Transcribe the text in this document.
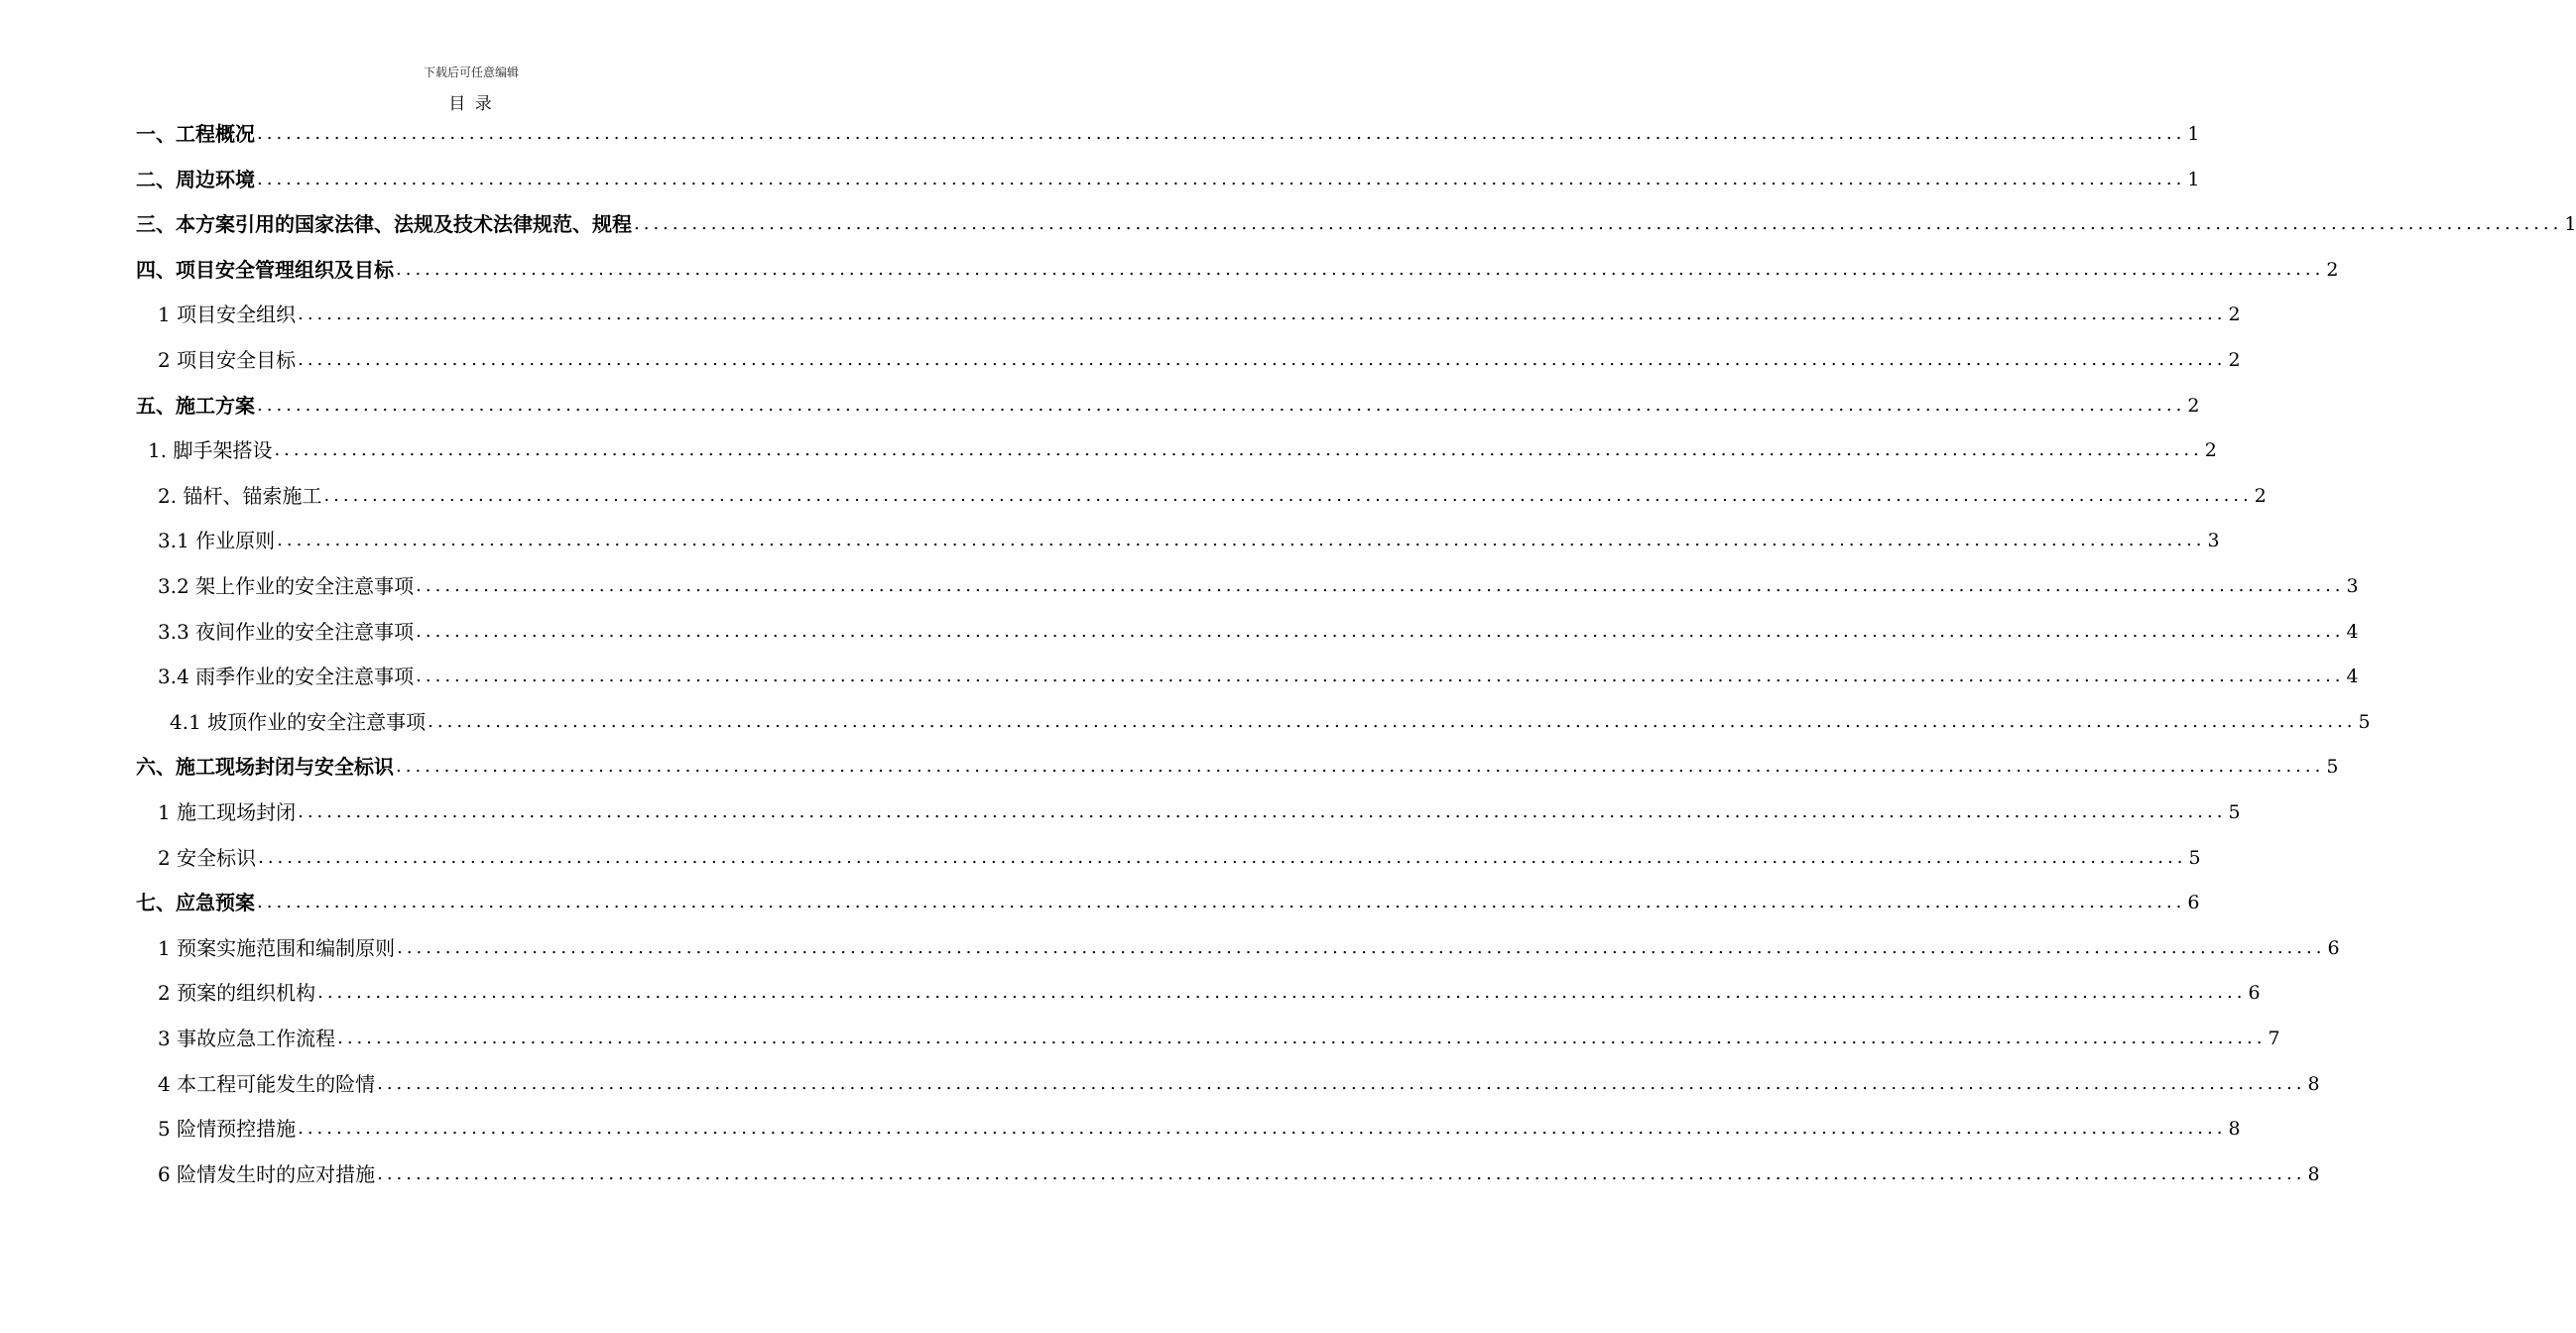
下载后可任意编辑
目 录
一、工程概况 ........................................................................................................................................................................................................ 1
二、周边环境 ........................................................................................................................................................................................................ 1
三、本方案引用的国家法律、法规及技术法律规范、规程 ........................................................................................................................................................................................................ 1
四、项目安全管理组织及目标 ........................................................................................................................................................................................................ 2
1 项目安全组织 ........................................................................................................................................................................................................ 2
2 项目安全目标 ........................................................................................................................................................................................................ 2
五、施工方案 ........................................................................................................................................................................................................ 2
1. 脚手架搭设 ........................................................................................................................................................................................................ 2
2. 锚杆、锚索施工 ........................................................................................................................................................................................................ 2
3.1 作业原则 ........................................................................................................................................................................................................ 3
3.2 架上作业的安全注意事项 ........................................................................................................................................................................................................ 3
3.3 夜间作业的安全注意事项 ........................................................................................................................................................................................................ 4
3.4 雨季作业的安全注意事项 ........................................................................................................................................................................................................ 4
4.1 坡顶作业的安全注意事项 ........................................................................................................................................................................................................ 5
六、施工现场封闭与安全标识 ........................................................................................................................................................................................................ 5
1 施工现场封闭 ........................................................................................................................................................................................................ 5
2 安全标识 ........................................................................................................................................................................................................ 5
七、应急预案 ........................................................................................................................................................................................................ 6
1 预案实施范围和编制原则 ........................................................................................................................................................................................................ 6
2 预案的组织机构 ........................................................................................................................................................................................................ 6
3 事故应急工作流程 ........................................................................................................................................................................................................ 7
4 本工程可能发生的险情 ........................................................................................................................................................................................................ 8
5 险情预控措施 ........................................................................................................................................................................................................ 8
6 险情发生时的应对措施 ........................................................................................................................................................................................................ 8
